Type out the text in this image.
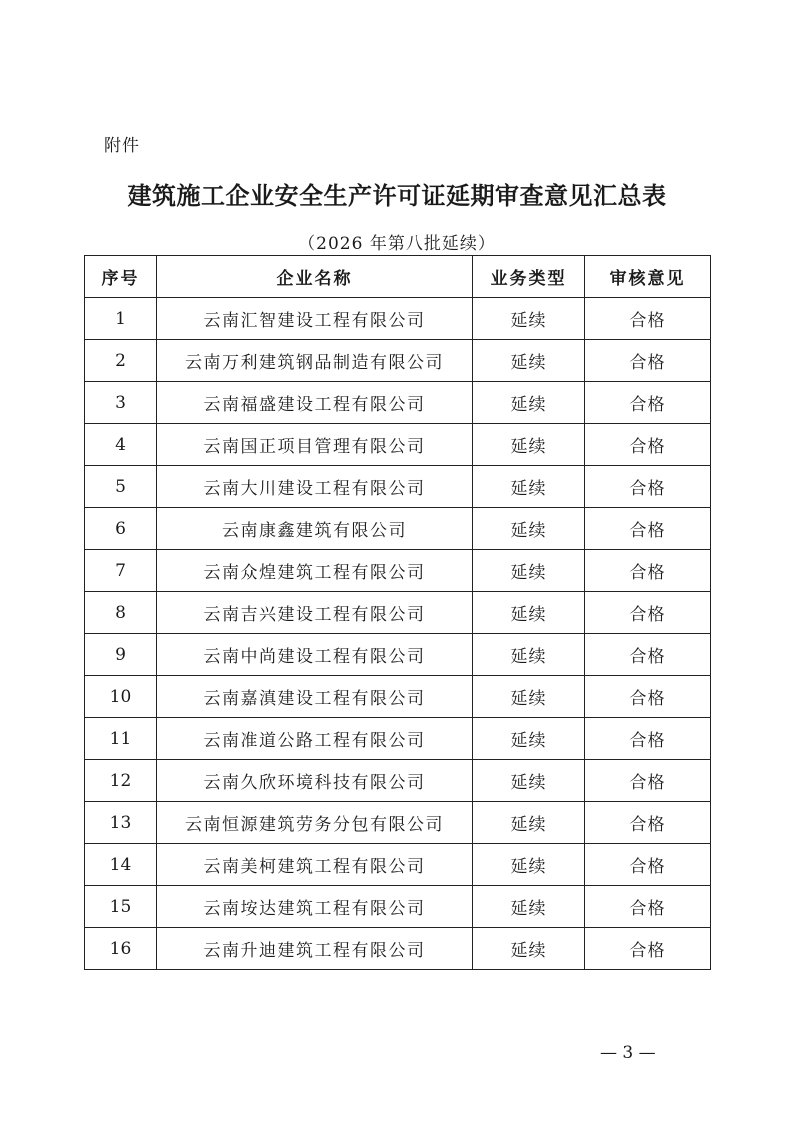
附件
建筑施工企业安全生产许可证延期审查意见汇总表
（2026 年第八批延续）
序号	企业名称	业务类型	审核意见
1	云南汇智建设工程有限公司	延续	合格
2	云南万利建筑钢品制造有限公司	延续	合格
3	云南福盛建设工程有限公司	延续	合格
4	云南国正项目管理有限公司	延续	合格
5	云南大川建设工程有限公司	延续	合格
6	云南康鑫建筑有限公司	延续	合格
7	云南众煌建筑工程有限公司	延续	合格
8	云南吉兴建设工程有限公司	延续	合格
9	云南中尚建设工程有限公司	延续	合格
10	云南嘉滇建设工程有限公司	延续	合格
11	云南准道公路工程有限公司	延续	合格
12	云南久欣环境科技有限公司	延续	合格
13	云南恒源建筑劳务分包有限公司	延续	合格
14	云南美柯建筑工程有限公司	延续	合格
15	云南垵达建筑工程有限公司	延续	合格
16	云南升迪建筑工程有限公司	延续	合格
— 3 —
